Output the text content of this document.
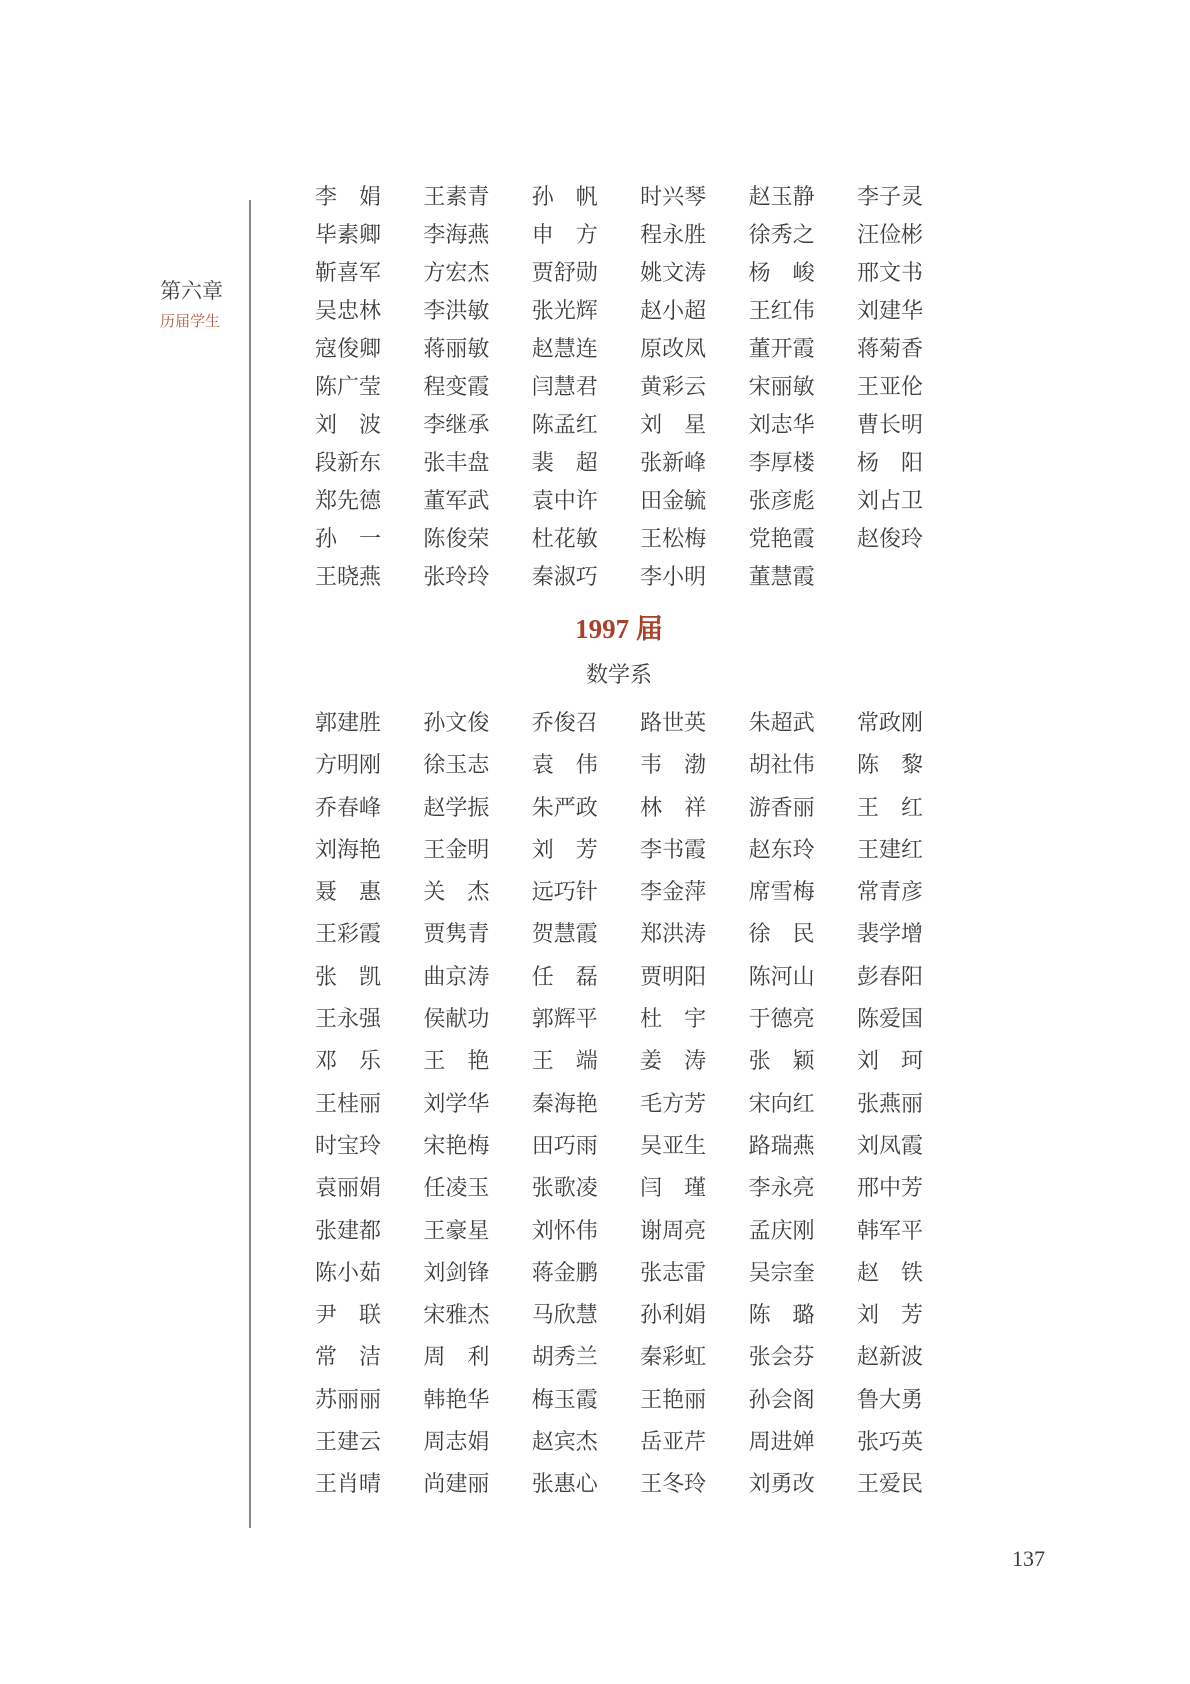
第六章
历届学生
李 娟 王素青 孙 帆 时兴琴 赵玉静 李子灵
毕素卿 李海燕 申 方 程永胜 徐秀之 汪俭彬
靳喜军 方宏杰 贾舒勋 姚文涛 杨 峻 邢文书
吴忠林 李洪敏 张光辉 赵小超 王红伟 刘建华
寇俊卿 蒋丽敏 赵慧连 原改凤 董开霞 蒋菊香
陈广莹 程变霞 闫慧君 黄彩云 宋丽敏 王亚伦
刘 波 李继承 陈孟红 刘 星 刘志华 曹长明
段新东 张丰盘 裴 超 张新峰 李厚楼 杨 阳
郑先德 董军武 袁中许 田金毓 张彦彪 刘占卫
孙 一 陈俊荣 杜花敏 王松梅 党艳霞 赵俊玲
王晓燕 张玲玲 秦淑巧 李小明 董慧霞
1997 届
数学系
郭建胜 孙文俊 乔俊召 路世英 朱超武 常政刚
方明刚 徐玉志 袁 伟 韦 渤 胡社伟 陈 黎
乔春峰 赵学振 朱严政 林 祥 游香丽 王 红
刘海艳 王金明 刘 芳 李书霞 赵东玲 王建红
聂 惠 关 杰 远巧针 李金萍 席雪梅 常青彦
王彩霞 贾隽青 贺慧霞 郑洪涛 徐 民 裴学增
张 凯 曲京涛 任 磊 贾明阳 陈河山 彭春阳
王永强 侯献功 郭辉平 杜 宇 于德亮 陈爱国
邓 乐 王 艳 王 端 姜 涛 张 颖 刘 珂
王桂丽 刘学华 秦海艳 毛方芳 宋向红 张燕丽
时宝玲 宋艳梅 田巧雨 吴亚生 路瑞燕 刘凤霞
袁丽娟 任凌玉 张歌凌 闫 瑾 李永亮 邢中芳
张建都 王豪星 刘怀伟 谢周亮 孟庆刚 韩军平
陈小茹 刘剑锋 蒋金鹏 张志雷 吴宗奎 赵 铁
尹 联 宋雅杰 马欣慧 孙利娟 陈 璐 刘 芳
常 洁 周 利 胡秀兰 秦彩虹 张会芬 赵新波
苏丽丽 韩艳华 梅玉霞 王艳丽 孙会阁 鲁大勇
王建云 周志娟 赵宾杰 岳亚芹 周进婵 张巧英
王肖晴 尚建丽 张惠心 王冬玲 刘勇改 王爱民
137
